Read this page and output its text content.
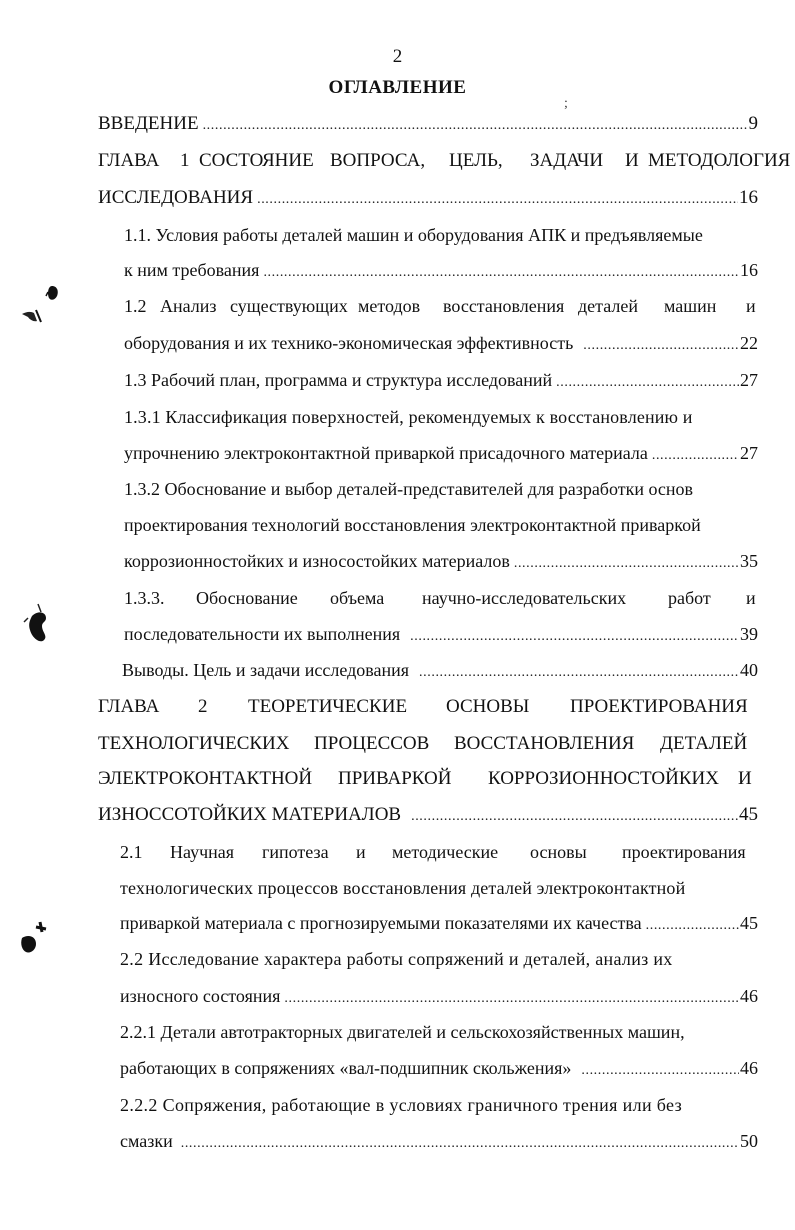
2
ОГЛАВЛЕНИЕ
;
ВВЕДЕНИЕ .....	9
ГЛАВА 1 СОСТОЯНИЕ ВОПРОСА, ЦЕЛЬ, ЗАДАЧИ И МЕТОДОЛОГИЯ
ИССЛЕДОВАНИЯ .....	16
1.1. Условия работы деталей машин и оборудования АПК и предъявляемые
к ним требования .....	16
1.2 Анализ существующих методов восстановления деталей машин и
оборудования и их технико-экономическая эффективность .....	22
1.3 Рабочий план, программа и структура исследований .....	27
1.3.1 Классификация поверхностей, рекомендуемых к восстановлению и
упрочнению электроконтактной приваркой присадочного материала .....	27
1.3.2 Обоснование и выбор деталей-представителей для разработки основ
проектирования технологий восстановления электроконтактной приваркой
коррозионностойких и износостойких материалов .....	35
1.3.3. Обоснование объема научно-исследовательских работ и
последовательности их выполнения .....	39
Выводы. Цель и задачи исследования .....	40
ГЛАВА 2 ТЕОРЕТИЧЕСКИЕ ОСНОВЫ ПРОЕКТИРОВАНИЯ
ТЕХНОЛОГИЧЕСКИХ ПРОЦЕССОВ ВОССТАНОВЛЕНИЯ ДЕТАЛЕЙ
ЭЛЕКТРОКОНТАКТНОЙ ПРИВАРКОЙ КОРРОЗИОННОСТОЙКИХ И
ИЗНОССОТОЙКИХ МАТЕРИАЛОВ .....	45
2.1 Научная гипотеза и методические основы проектирования
технологических процессов восстановления деталей электроконтактной
приваркой материала с прогнозируемыми показателями их качества .....	45
2.2 Исследование характера работы сопряжений и деталей, анализ их
износного состояния .....	46
2.2.1 Детали автотракторных двигателей и сельскохозяйственных машин,
работающих в сопряжениях «вал-подшипник скольжения» .....	46
2.2.2 Сопряжения, работающие в условиях граничного трения или без
смазки .....	50
